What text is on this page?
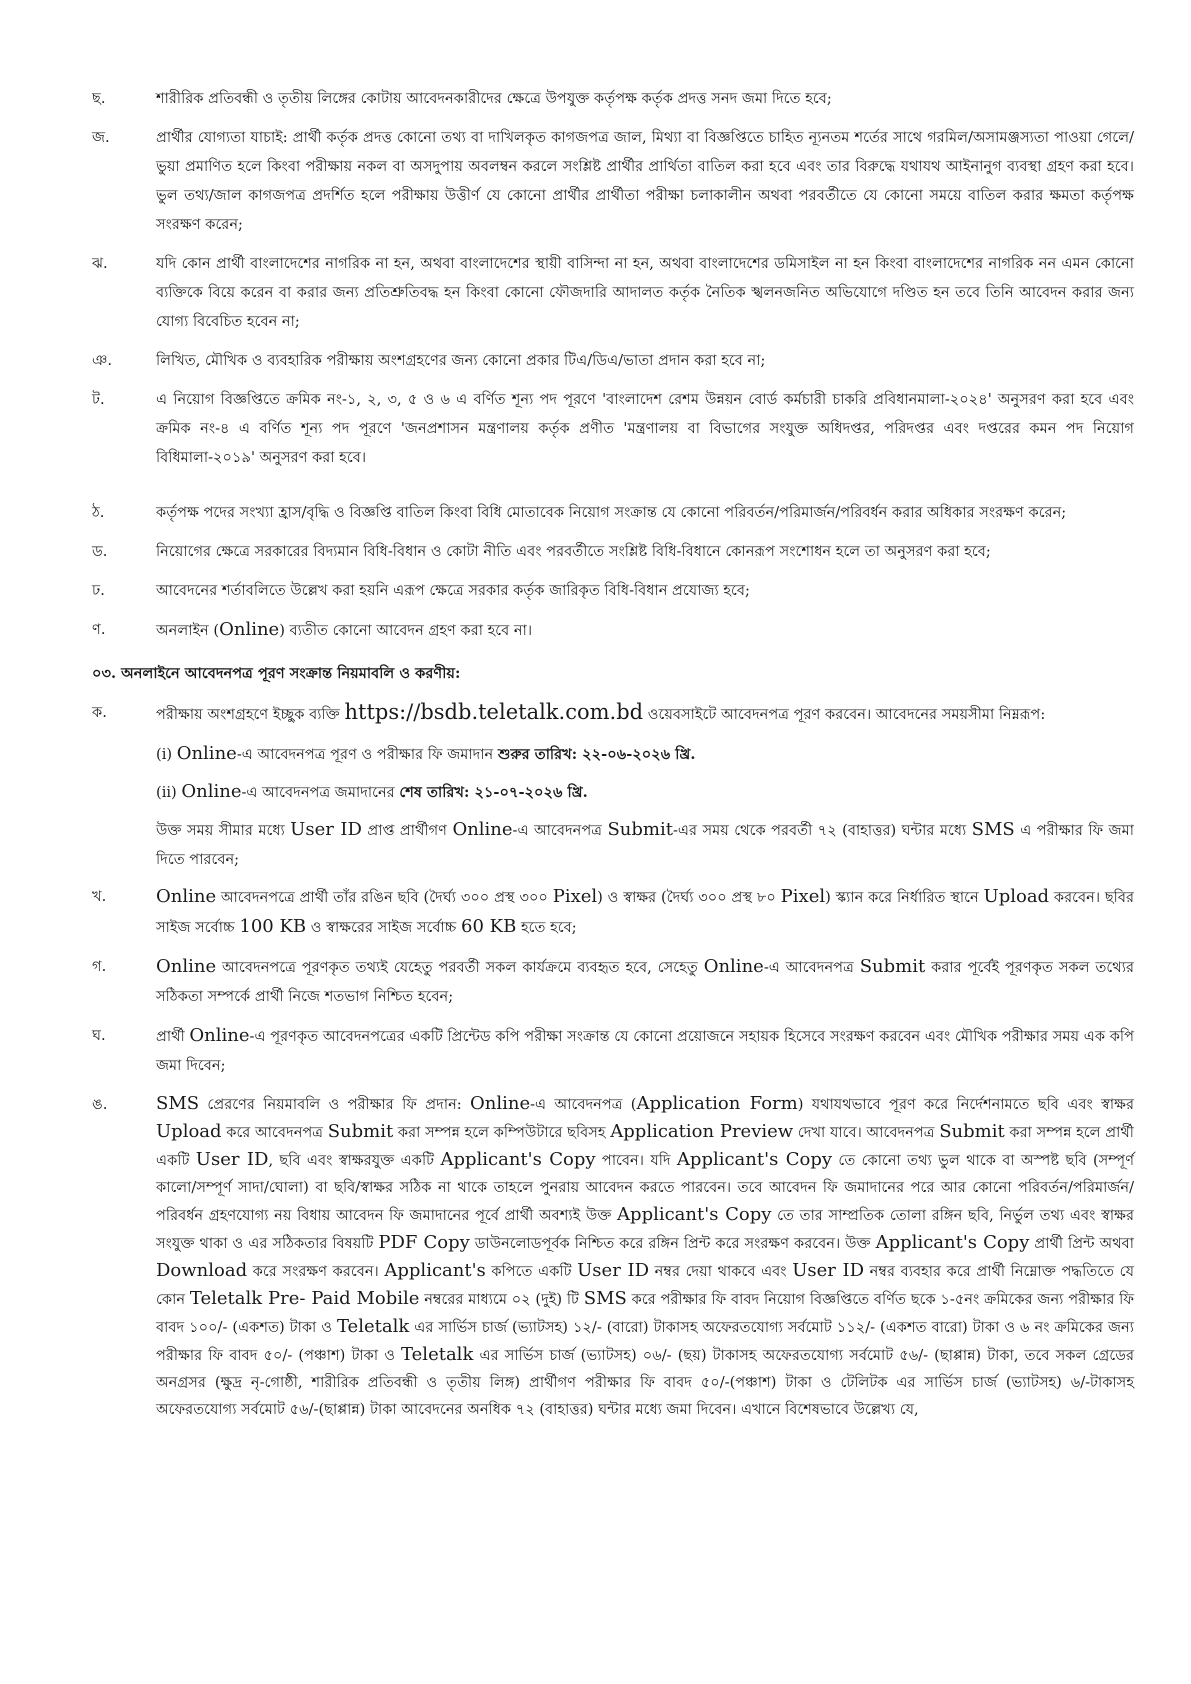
ছ.	শারীরিক প্রতিবন্ধী ও তৃতীয় লিঙ্গের কোটায় আবেদনকারীদের ক্ষেত্রে উপযুক্ত কর্তৃপক্ষ কর্তৃক প্রদত্ত সনদ জমা দিতে হবে;
জ.	প্রার্থীর যোগ্যতা যাচাই: প্রার্থী কর্তৃক প্রদত্ত কোনো তথ্য বা দাখিলকৃত কাগজপত্র জাল, মিথ্যা বা বিজ্ঞপ্তিতে চাহিত ন্যূনতম শর্তের সাথে গরমিল/অসামঞ্জস্যতা পাওয়া গেলে/ভুয়া প্রমাণিত হলে কিংবা পরীক্ষায় নকল বা অসদুপায় অবলম্বন করলে সংশ্লিষ্ট প্রার্থীর প্রার্থিতা বাতিল করা হবে এবং তার বিরুদ্ধে যথাযথ আইনানুগ ব্যবস্থা গ্রহণ করা হবে। ভুল তথ্য/জাল কাগজপত্র প্রদর্শিত হলে পরীক্ষায় উত্তীর্ণ যে কোনো প্রার্থীর প্রার্থীতা পরীক্ষা চলাকালীন অথবা পরবর্তীতে যে কোনো সময়ে বাতিল করার ক্ষমতা কর্তৃপক্ষ সংরক্ষণ করেন;
ঝ.	যদি কোন প্রার্থী বাংলাদেশের নাগরিক না হন, অথবা বাংলাদেশের স্থায়ী বাসিন্দা না হন, অথবা বাংলাদেশের ডমিসাইল না হন কিংবা বাংলাদেশের নাগরিক নন এমন কোনো ব্যক্তিকে বিয়ে করেন বা করার জন্য প্রতিশ্রুতিবদ্ধ হন কিংবা কোনো ফৌজদারি আদালত কর্তৃক নৈতিক স্খলনজনিত অভিযোগে দণ্ডিত হন তবে তিনি আবেদন করার জন্য যোগ্য বিবেচিত হবেন না;
ঞ.	লিখিত, মৌখিক ও ব্যবহারিক পরীক্ষায় অংশগ্রহণের জন্য কোনো প্রকার টিএ/ডিএ/ভাতা প্রদান করা হবে না;
ট.	এ নিয়োগ বিজ্ঞপ্তিতে ক্রমিক নং-১, ২, ৩, ৫ ও ৬ এ বর্ণিত শূন্য পদ পূরণে 'বাংলাদেশ রেশম উন্নয়ন বোর্ড কর্মচারী চাকরি প্রবিধানমালা-২০২৪' অনুসরণ করা হবে এবং ক্রমিক নং-৪ এ বর্ণিত শূন্য পদ পূরণে 'জনপ্রশাসন মন্ত্রণালয় কর্তৃক প্রণীত 'মন্ত্রণালয় বা বিভাগের সংযুক্ত অধিদপ্তর, পরিদপ্তর এবং দপ্তরের কমন পদ নিয়োগ বিধিমালা-২০১৯' অনুসরণ করা হবে।
ঠ.	কর্তৃপক্ষ পদের সংখ্যা হ্রাস/বৃদ্ধি ও বিজ্ঞপ্তি বাতিল কিংবা বিধি মোতাবেক নিয়োগ সংক্রান্ত যে কোনো পরিবর্তন/পরিমার্জন/পরিবর্ধন করার অধিকার সংরক্ষণ করেন;
ড.	নিয়োগের ক্ষেত্রে সরকারের বিদ্যমান বিধি-বিধান ও কোটা নীতি এবং পরবর্তীতে সংশ্লিষ্ট বিধি-বিধানে কোনরূপ সংশোধন হলে তা অনুসরণ করা হবে;
ঢ.	আবেদনের শর্তাবলিতে উল্লেখ করা হয়নি এরূপ ক্ষেত্রে সরকার কর্তৃক জারিকৃত বিধি-বিধান প্রযোজ্য হবে;
ণ.	অনলাইন (Online) ব্যতীত কোনো আবেদন গ্রহণ করা হবে না।
০৩. অনলাইনে আবেদনপত্র পূরণ সংক্রান্ত নিয়মাবলি ও করণীয়:
ক.	পরীক্ষায় অংশগ্রহণে ইচ্ছুক ব্যক্তি https://bsdb.teletalk.com.bd ওয়েবসাইটে আবেদনপত্র পূরণ করবেন। আবেদনের সময়সীমা নিম্নরূপ:
(i) Online-এ আবেদনপত্র পূরণ ও পরীক্ষার ফি জমাদান শুরুর তারিখ: ২২-০৬-২০২৬ খ্রি.
(ii) Online-এ আবেদনপত্র জমাদানের শেষ তারিখ: ২১-০৭-২০২৬ খ্রি.
উক্ত সময় সীমার মধ্যে User ID প্রাপ্ত প্রার্থীগণ Online-এ আবেদনপত্র Submit-এর সময় থেকে পরবর্তী ৭২ (বাহাত্তর) ঘন্টার মধ্যে SMS এ পরীক্ষার ফি জমা দিতে পারবেন;
খ.	Online আবেদনপত্রে প্রার্থী তাঁর রঙিন ছবি (দৈর্ঘ্য ৩০০ প্রস্থ ৩০০ Pixel) ও স্বাক্ষর (দৈর্ঘ্য ৩০০ প্রস্থ ৮০ Pixel) স্ক্যান করে নির্ধারিত স্থানে Upload করবেন। ছবির সাইজ সর্বোচ্চ 100 KB ও স্বাক্ষরের সাইজ সর্বোচ্চ 60 KB হতে হবে;
গ.	Online আবেদনপত্রে পূরণকৃত তথ্যই যেহেতু পরবর্তী সকল কার্যক্রমে ব্যবহৃত হবে, সেহেতু Online-এ আবেদনপত্র Submit করার পূর্বেই পূরণকৃত সকল তথ্যের সঠিকতা সম্পর্কে প্রার্থী নিজে শতভাগ নিশ্চিত হবেন;
ঘ.	প্রার্থী Online-এ পূরণকৃত আবেদনপত্রের একটি প্রিন্টেড কপি পরীক্ষা সংক্রান্ত যে কোনো প্রয়োজনে সহায়ক হিসেবে সংরক্ষণ করবেন এবং মৌখিক পরীক্ষার সময় এক কপি জমা দিবেন;
ঙ.	SMS প্রেরণের নিয়মাবলি ও পরীক্ষার ফি প্রদান: Online-এ আবেদনপত্র (Application Form) যথাযথভাবে পূরণ করে নির্দেশনামতে ছবি এবং স্বাক্ষর Upload করে আবেদনপত্র Submit করা সম্পন্ন হলে কম্পিউটারে ছবিসহ Application Preview দেখা যাবে। আবেদনপত্র Submit করা সম্পন্ন হলে প্রার্থী একটি User ID, ছবি এবং স্বাক্ষরযুক্ত একটি Applicant's Copy পাবেন। যদি Applicant's Copy তে কোনো তথ্য ভুল থাকে বা অস্পষ্ট ছবি (সম্পূর্ণ কালো/সম্পূর্ণ সাদা/ঘোলা) বা ছবি/স্বাক্ষর সঠিক না থাকে তাহলে পুনরায় আবেদন করতে পারবেন। তবে আবেদন ফি জমাদানের পরে আর কোনো পরিবর্তন/পরিমার্জন/পরিবর্ধন গ্রহণযোগ্য নয় বিধায় আবেদন ফি জমাদানের পূর্বে প্রার্থী অবশ্যই উক্ত Applicant's Copy তে তার সাম্প্রতিক তোলা রঙ্গিন ছবি, নির্ভুল তথ্য এবং স্বাক্ষর সংযুক্ত থাকা ও এর সঠিকতার বিষয়টি PDF Copy ডাউনলোডপূর্বক নিশ্চিত করে রঙ্গিন প্রিন্ট করে সংরক্ষণ করবেন। উক্ত Applicant's Copy প্রার্থী প্রিন্ট অথবা Download করে সংরক্ষণ করবেন। Applicant's কপিতে একটি User ID নম্বর দেয়া থাকবে এবং User ID নম্বর ব্যবহার করে প্রার্থী নিম্নোক্ত পদ্ধতিতে যে কোন Teletalk Pre- Paid Mobile নম্বরের মাধ্যমে ০২ (দুই) টি SMS করে পরীক্ষার ফি বাবদ নিয়োগ বিজ্ঞপ্তিতে বর্ণিত ছকে ১-৫নং ক্রমিকের জন্য পরীক্ষার ফি বাবদ ১০০/- (একশত) টাকা ও Teletalk এর সার্ভিস চার্জ (ভ্যাটসহ) ১২/- (বারো) টাকাসহ অফেরতযোগ্য সর্বমোট ১১২/- (একশত বারো) টাকা ও ৬ নং ক্রমিকের জন্য পরীক্ষার ফি বাবদ ৫০/- (পঞ্চাশ) টাকা ও Teletalk এর সার্ভিস চার্জ (ভ্যাটসহ) ০৬/- (ছয়) টাকাসহ অফেরতযোগ্য সর্বমোট ৫৬/- (ছাপ্পান্ন) টাকা, তবে সকল গ্রেডের অনগ্রসর (ক্ষুদ্র নৃ-গোষ্ঠী, শারীরিক প্রতিবন্ধী ও তৃতীয় লিঙ্গ) প্রার্থীগণ পরীক্ষার ফি বাবদ ৫০/-(পঞ্চাশ) টাকা ও টেলিটক এর সার্ভিস চার্জ (ভ্যাটসহ) ৬/-টাকাসহ অফেরতযোগ্য সর্বমোট ৫৬/-(ছাপ্পান্ন) টাকা আবেদনের অনধিক ৭২ (বাহাত্তর) ঘন্টার মধ্যে জমা দিবেন। এখানে বিশেষভাবে উল্লেখ্য যে,
